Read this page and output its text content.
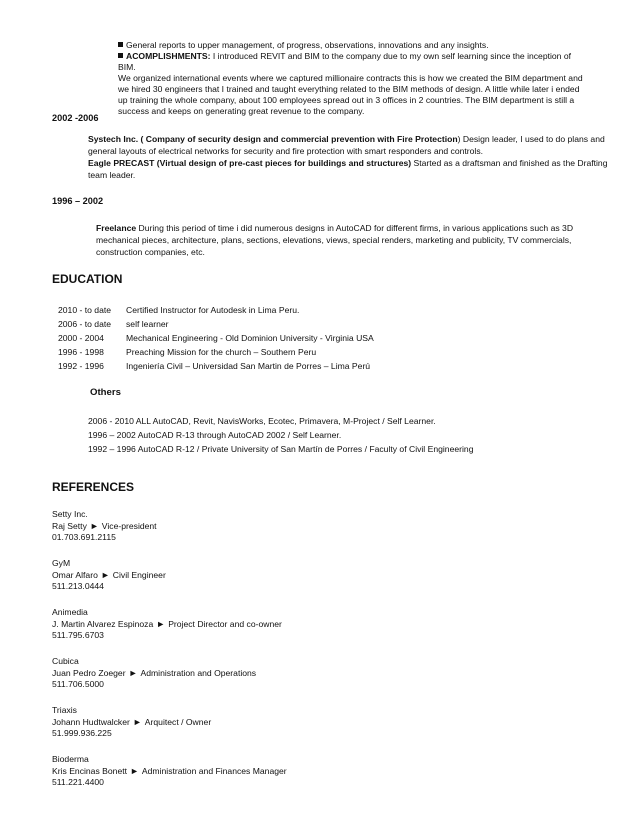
General reports to upper management, of progress, observations, innovations and any insights.
ACOMPLISHMENTS: I introduced REVIT and BIM to the company due to my own self learning since the inception of BIM.
We organized international events where we captured millionaire contracts this is how we created the BIM department and
we hired 30 engineers that I trained and taught everything related to the BIM methods of design. A little while later i ended
up training the whole company, about 100 employees spread out in 3 offices in 2 countries. The BIM department is still a
success and keeps on generating great revenue to the company.
2002 -2006
Systech Inc. ( Company of security design and commercial prevention with Fire Protection) Design leader, I used to do plans and
general layouts of electrical networks for security and fire protection with smart responders and controls.
Eagle PRECAST (Virtual design of pre-cast pieces for buildings and structures) Started as a draftsman and finished as the Drafting
team leader.
1996 – 2002
Freelance During this period of time i did numerous designs in AutoCAD for different firms, in various applications such as 3D
mechanical pieces, architecture, plans, sections, elevations, views, special renders, marketing and publicity, TV commercials,
construction companies, etc.
EDUCATION
2010 - to date Certified Instructor for Autodesk in Lima Peru.
2006 - to date self learner
2000 - 2004	Mechanical Engineering - Old Dominion University - Virginia USA
1996 - 1998	Preaching Mission for the church – Southern Peru
1992 - 1996	Ingeniería Civil – Universidad San Martin de Porres – Lima Perú
Others
2006 - 2010 ALL AutoCAD, Revit, NavisWorks, Ecotec, Primavera, M-Project / Self Learner.
1996 – 2002 AutoCAD R-13 through AutoCAD 2002 / Self Learner.
1992 – 1996 AutoCAD R-12 / Private University of San Martín de Porres / Faculty of Civil Engineering
REFERENCES
Setty Inc.
Raj Setty ► Vice-president
01.703.691.2115
GyM
Omar Alfaro ► Civil Engineer
511.213.0444
Animedia
J. Martin Alvarez Espinoza ► Project Director and co-owner
511.795.6703
Cubica
Juan Pedro Zoeger ► Administration and Operations
511.706.5000
Triaxis
Johann Hudtwalcker ► Arquitect / Owner
51.999.936.225
Bioderma
Kris Encinas Bonett ► Administration and Finances Manager
511.221.4400
